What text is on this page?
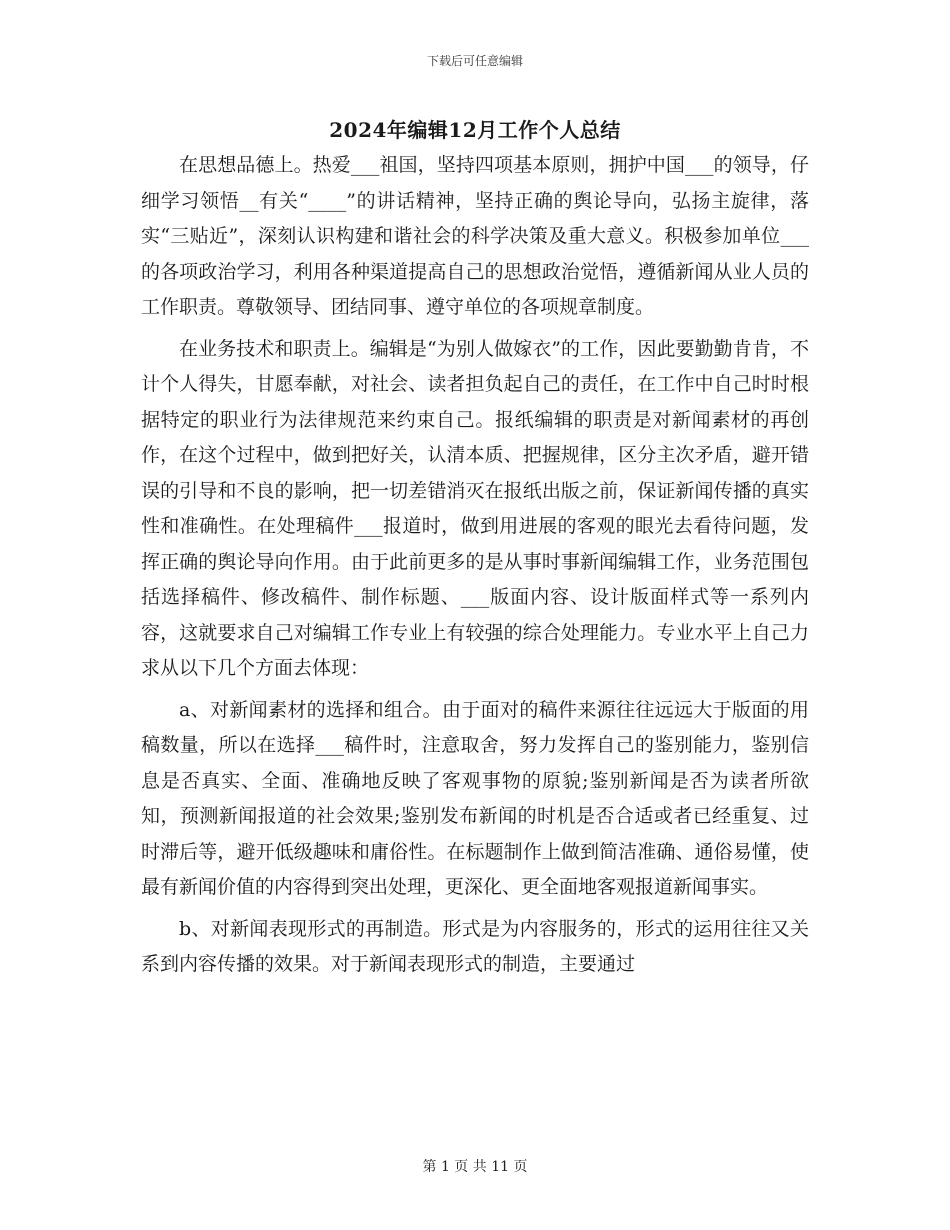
下载后可任意编辑
2024年编辑12月工作个人总结

在思想品德上。热爱___祖国，坚持四项基本原则，拥护中国___的领导，仔细学习领悟__有关“____”的讲话精神，坚持正确的舆论导向，弘扬主旋律，落实“三贴近”，深刻认识构建和谐社会的科学决策及重大意义。积极参加单位___的各项政治学习，利用各种渠道提高自己的思想政治觉悟，遵循新闻从业人员的工作职责。尊敬领导、团结同事、遵守单位的各项规章制度。

在业务技术和职责上。编辑是“为别人做嫁衣”的工作，因此要勤勤肯肯，不计个人得失，甘愿奉献，对社会、读者担负起自己的责任，在工作中自己时时根据特定的职业行为法律规范来约束自己。报纸编辑的职责是对新闻素材的再创作，在这个过程中，做到把好关，认清本质、把握规律，区分主次矛盾，避开错误的引导和不良的影响，把一切差错消灭在报纸出版之前，保证新闻传播的真实性和准确性。在处理稿件___报道时，做到用进展的客观的眼光去看待问题，发挥正确的舆论导向作用。由于此前更多的是从事时事新闻编辑工作，业务范围包括选择稿件、修改稿件、制作标题、___版面内容、设计版面样式等一系列内容，这就要求自己对编辑工作专业上有较强的综合处理能力。专业水平上自己力求从以下几个方面去体现：

a、对新闻素材的选择和组合。由于面对的稿件来源往往远远大于版面的用稿数量，所以在选择___稿件时，注意取舍，努力发挥自己的鉴别能力，鉴别信息是否真实、全面、准确地反映了客观事物的原貌;鉴别新闻是否为读者所欲知，预测新闻报道的社会效果;鉴别发布新闻的时机是否合适或者已经重复、过时滞后等，避开低级趣味和庸俗性。在标题制作上做到简洁准确、通俗易懂，使最有新闻价值的内容得到突出处理，更深化、更全面地客观报道新闻事实。

b、对新闻表现形式的再制造。形式是为内容服务的，形式的运用往往又关系到内容传播的效果。对于新闻表现形式的制造，主要通过

第 1 页 共 11 页
